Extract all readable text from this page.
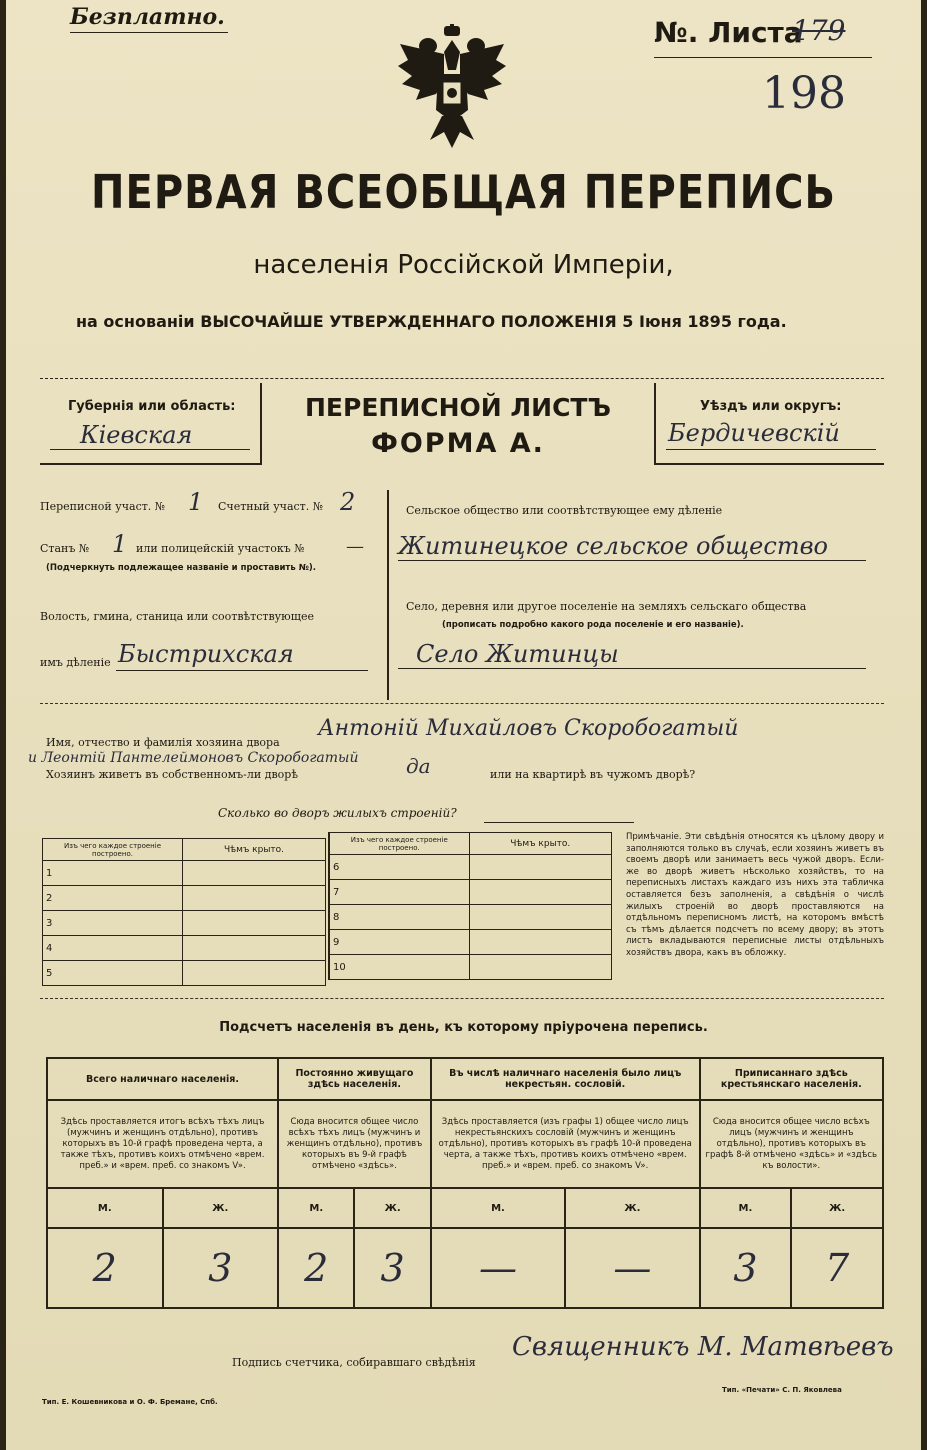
Безплатно.	№. Листа
179
198
ПЕРВАЯ ВСЕОБЩАЯ ПЕРЕПИСЬ
населенія Россійской Имперіи,
на основаніи ВЫСОЧАЙШЕ УТВЕРЖДЕННАГО ПОЛОЖЕНІЯ 5 Іюня 1895 года.
Губернія или область:
Кіевская
ПЕРЕПИСНОЙ ЛИСТЪ
ФОРМА А.
Уѣздъ или округъ:
Бердичевскій
Переписной участ. № 1 Счетный участ. № 2
Станъ № 1 или полицейскій участокъ № —
(Подчеркнуть подлежащее названіе и проставить №).
Волость, гмина, станица или соотвѣтствующее
имъ дѣленіе Быстрихская
Сельское общество или соотвѣтствующее ему дѣленіе
Житинецкое сельское общество
Село, деревня или другое поселеніе на земляхъ сельскаго общества
(прописать подробно какого рода поселеніе и его названіе).
Село Житинцы
Имя, отчество и фамилія хозяина двора
Антоній Михайловъ Скоробогатый
и Леонтій Пантелеймоновъ Скоробогатый
Хозяинъ живетъ въ собственномъ-ли дворѣ	да	или на квартирѣ въ чужомъ дворѣ?
Сколько во дворъ жилыхъ строеній?
Изъ чего каждое строеніе построено.	Чѣмъ крыто.
1	
2	
3	
4	
5	
Изъ чего каждое строеніе построено.	Чѣмъ крыто.
6	
7	
8	
9	
10	
Примѣчаніе. Эти свѣдѣнія относятся къ цѣлому двору и заполняются только въ случаѣ, если хозяинъ живетъ въ своемъ дворѣ или занимаетъ весь чужой дворъ. Если-же во дворѣ живетъ нѣсколько хозяйствъ, то на переписныхъ листахъ каждаго изъ нихъ эта табличка оставляется безъ заполненія, а свѣдѣнія о числѣ жилыхъ строеній во дворѣ проставляются на отдѣльномъ переписномъ листѣ, на которомъ вмѣстѣ съ тѣмъ дѣлается подсчетъ по всему двору; въ этотъ листъ вкладываются переписные листы отдѣльныхъ хозяйствъ двора, какъ въ обложку.
Подсчетъ населенія въ день, къ которому пріурочена перепись.
Всего наличнаго населенія.		Постоянно живущаго здѣсь населенія.		Въ числѣ наличнаго населенія было лицъ некрестьян. сословій.		Приписаннаго здѣсь крестьянскаго населенія.	
Здѣсь проставляется итогъ всѣхъ тѣхъ лицъ (мужчинъ и женщинъ отдѣльно), противъ которыхъ въ 10-й графѣ проведена черта, а также тѣхъ, противъ коихъ отмѣчено «врем. преб.» и «врем. преб. со знакомъ V».		Сюда вносится общее число всѣхъ тѣхъ лицъ (мужчинъ и женщинъ отдѣльно), противъ которыхъ въ 9-й графѣ отмѣчено «здѣсь».		Здѣсь проставляется (изъ графы 1) общее число лицъ некрестьянскихъ сословій (мужчинъ и женщинъ отдѣльно), противъ которыхъ въ графѣ 10-й проведена черта, а также тѣхъ, противъ коихъ отмѣчено «врем. преб.» и «врем. преб. со знакомъ V».		Сюда вносится общее число всѣхъ лицъ (мужчинъ и женщинъ отдѣльно), противъ которыхъ въ графѣ 8-й отмѣчено «здѣсь» и «здѣсь къ волости».	
М.	Ж.	М.	Ж.	М.	Ж.	М.	Ж.
2	3	2	3	—	—	3	7
Подпись счетчика, собиравшаго свѣдѣнія
Священникъ М. Матвѣевъ
Тип. Е. Кошевникова и О. Ф. Бремане, Спб.
Тип. «Печати» С. П. Яковлева
